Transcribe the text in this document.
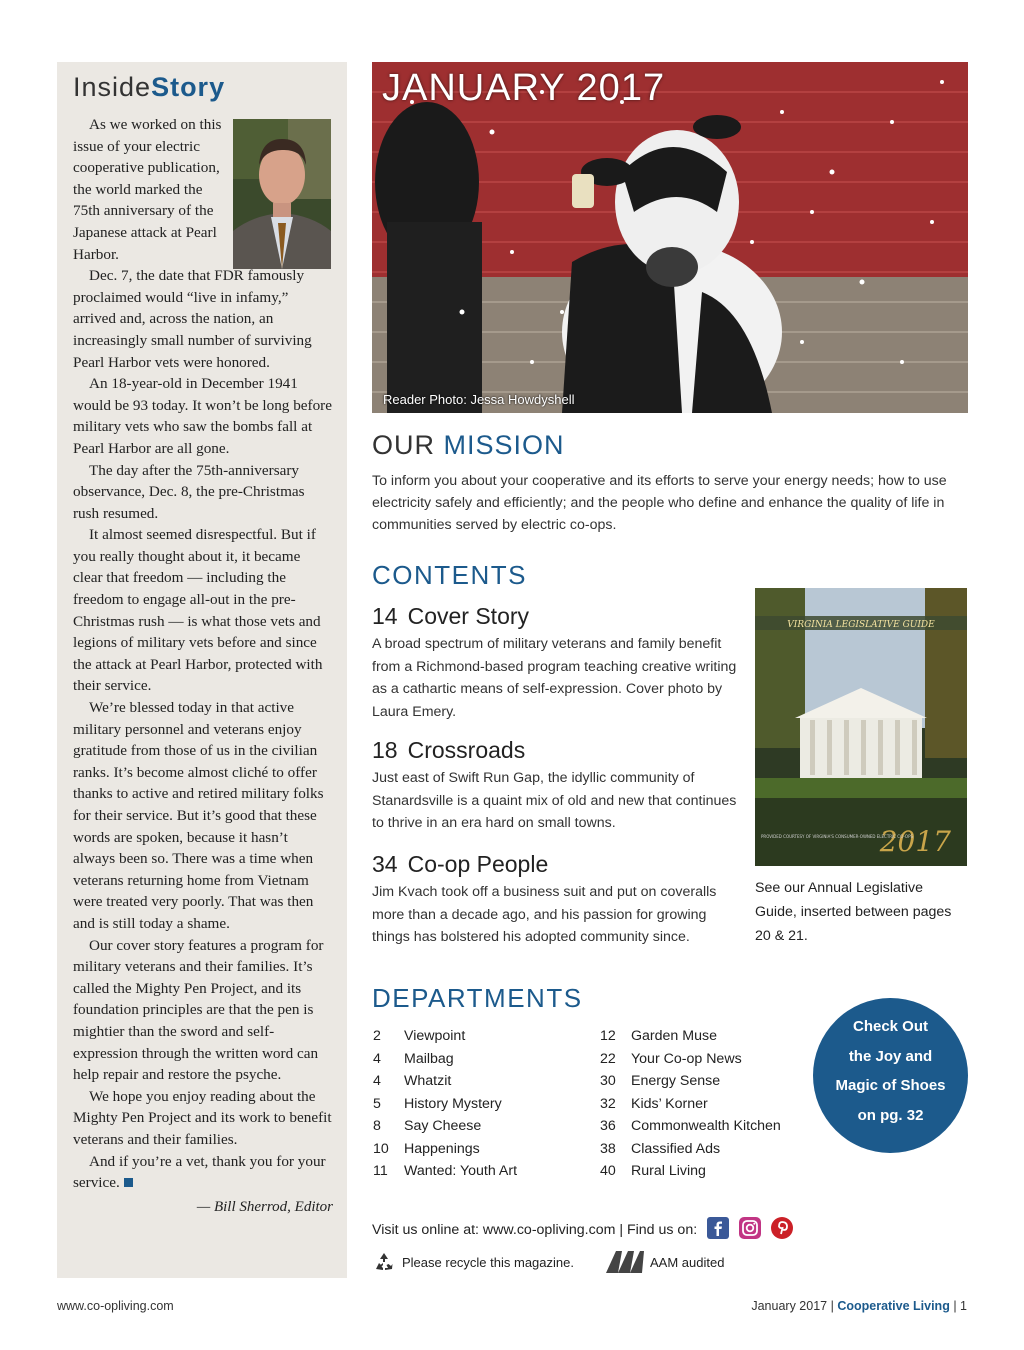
InsideStory

As we worked on this issue of your electric cooperative publication, the world marked the 75th anniversary of the Japanese attack at Pearl Harbor.

Dec. 7, the date that FDR famously proclaimed would “live in infamy,” arrived and, across the nation, an increasingly small number of surviving Pearl Harbor vets were honored.

An 18-year-old in December 1941 would be 93 today. It won’t be long before military vets who saw the bombs fall at Pearl Harbor are all gone.

The day after the 75th-anniversary observance, Dec. 8, the pre-Christmas rush resumed.

It almost seemed disrespectful. But if you really thought about it, it became clear that freedom — including the freedom to engage all-out in the pre-Christmas rush — is what those vets and legions of military vets before and since the attack at Pearl Harbor, protected with their service.

We’re blessed today in that active military personnel and veterans enjoy gratitude from those of us in the civilian ranks. It’s become almost cliché to offer thanks to active and retired military folks for their service. But it’s good that these words are spoken, because it hasn’t always been so. There was a time when veterans returning home from Vietnam were treated very poorly. That was then and is still today a shame.

Our cover story features a program for military veterans and their families. It’s called the Mighty Pen Project, and its foundation principles are that the pen is mightier than the sword and self-expression through the written word can help repair and restore the psyche.

We hope you enjoy reading about the Mighty Pen Project and its work to benefit veterans and their families.

And if you’re a vet, thank you for your service.

— Bill Sherrod, Editor
JANUARY 2017
Reader Photo: Jessa Howdyshell
OUR MISSION
To inform you about your cooperative and its efforts to serve your energy needs; how to use electricity safely and efficiently; and the people who define and enhance the quality of life in communities served by electric co-ops.
CONTENTS
14 Cover Story
A broad spectrum of military veterans and family benefit from a Richmond-based program teaching creative writing as a cathartic means of self-expression. Cover photo by Laura Emery.
18 Crossroads
Just east of Swift Run Gap, the idyllic community of Stanardsville is a quaint mix of old and new that continues to thrive in an era hard on small towns.
34 Co-op People
Jim Kvach took off a business suit and put on coveralls more than a decade ago, and his passion for growing things has bolstered his adopted community since.
VIRGINIA LEGISLATIVE GUIDE
2017
PROVIDED COURTESY OF VIRGINIA'S CONSUMER-OWNED ELECTRIC CO-OPS
See our Annual Legislative Guide, inserted between pages 20 & 21.
DEPARTMENTS
2 Viewpoint
4 Mailbag
4 Whatzit
5 History Mystery
8 Say Cheese
10 Happenings
11 Wanted: Youth Art
12 Garden Muse
22 Your Co-op News
30 Energy Sense
32 Kids’ Korner
36 Commonwealth Kitchen
38 Classified Ads
40 Rural Living
Check Out
the Joy and
Magic of Shoes
on pg. 32
Visit us online at: www.co-opliving.com | Find us on:
Please recycle this magazine.	AAM audited
www.co-opliving.com	January 2017 | Cooperative Living | 1
